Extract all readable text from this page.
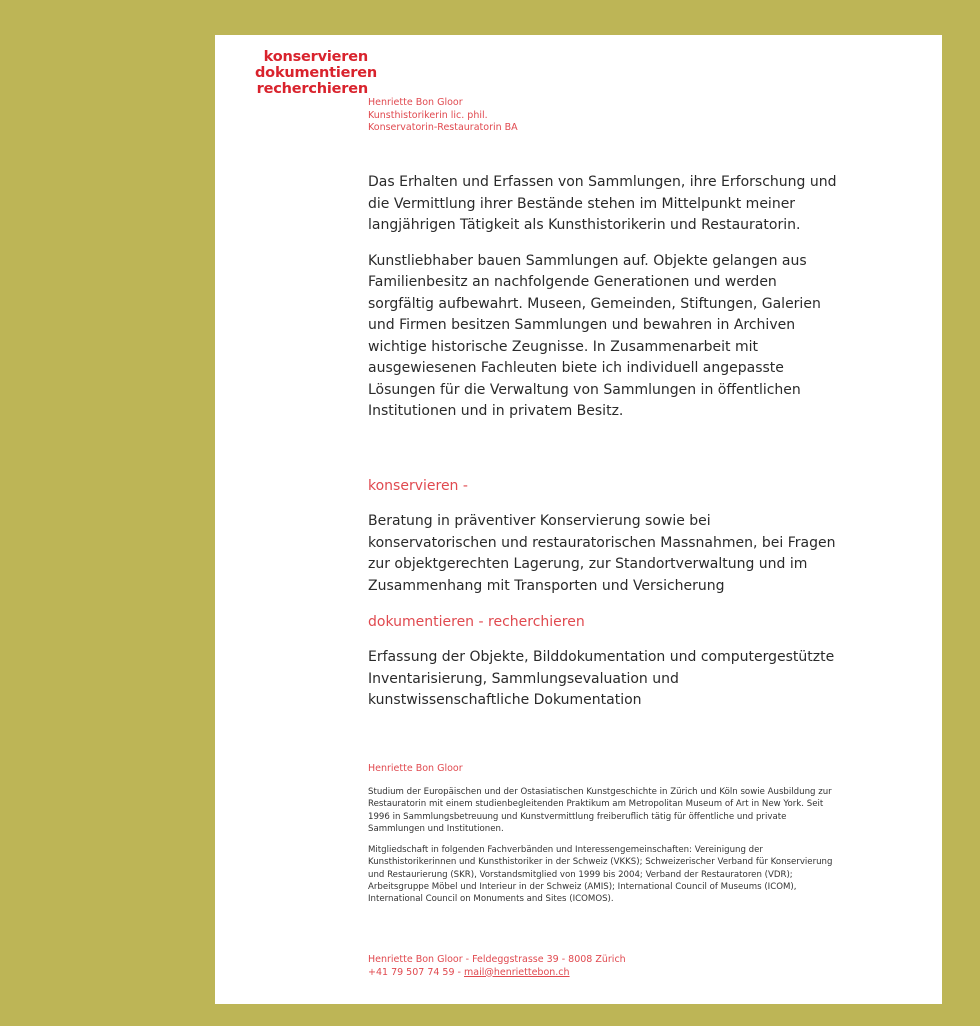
konservieren
dokumentieren
recherchieren
Henriette Bon Gloor
Kunsthistorikerin lic. phil.
Konservatorin-Restauratorin BA

Das Erhalten und Erfassen von Sammlungen, ihre Erforschung und die Vermittlung ihrer Bestände stehen im Mittelpunkt meiner langjährigen Tätigkeit als Kunsthistorikerin und Restauratorin.

Kunstliebhaber bauen Sammlungen auf. Objekte gelangen aus Familienbesitz an nachfolgende Generationen und werden sorgfältig aufbewahrt. Museen, Gemeinden, Stiftungen, Galerien und Firmen besitzen Sammlungen und bewahren in Archiven wichtige historische Zeugnisse. In Zusammenarbeit mit ausgewiesenen Fachleuten biete ich individuell angepasste Lösungen für die Verwaltung von Sammlungen in öffentlichen Institutionen und in privatem Besitz.

konservieren -
Beratung in präventiver Konservierung sowie bei konservatorischen und restauratorischen Massnahmen, bei Fragen zur objektgerechten Lagerung, zur Standortverwaltung und im Zusammenhang mit Transporten und Versicherung
dokumentieren - recherchieren
Erfassung der Objekte, Bilddokumentation und computergestützte Inventarisierung, Sammlungsevaluation und kunstwissenschaftliche Dokumentation
Henriette Bon Gloor

Studium der Europäischen und der Ostasiatischen Kunstgeschichte in Zürich und Köln sowie Ausbildung zur Restauratorin mit einem studienbegleitenden Praktikum am Metropolitan Museum of Art in New York. Seit 1996 in Sammlungsbetreuung und Kunstvermittlung freiberuflich tätig für öffentliche und private Sammlungen und Institutionen.

Mitgliedschaft in folgenden Fachverbänden und Interessengemeinschaften: Vereinigung der Kunsthistorikerinnen und Kunsthistoriker in der Schweiz (VKKS); Schweizerischer Verband für Konservierung und Restaurierung (SKR), Vorstandsmitglied von 1999 bis 2004; Verband der Restauratoren (VDR); Arbeitsgruppe Möbel und Interieur in der Schweiz (AMIS); International Council of Museums (ICOM), International Council on Monuments and Sites (ICOMOS).

Henriette Bon Gloor - Feldeggstrasse 39 - 8008 Zürich
+41 79 507 74 59 - mail@henriettebon.ch
